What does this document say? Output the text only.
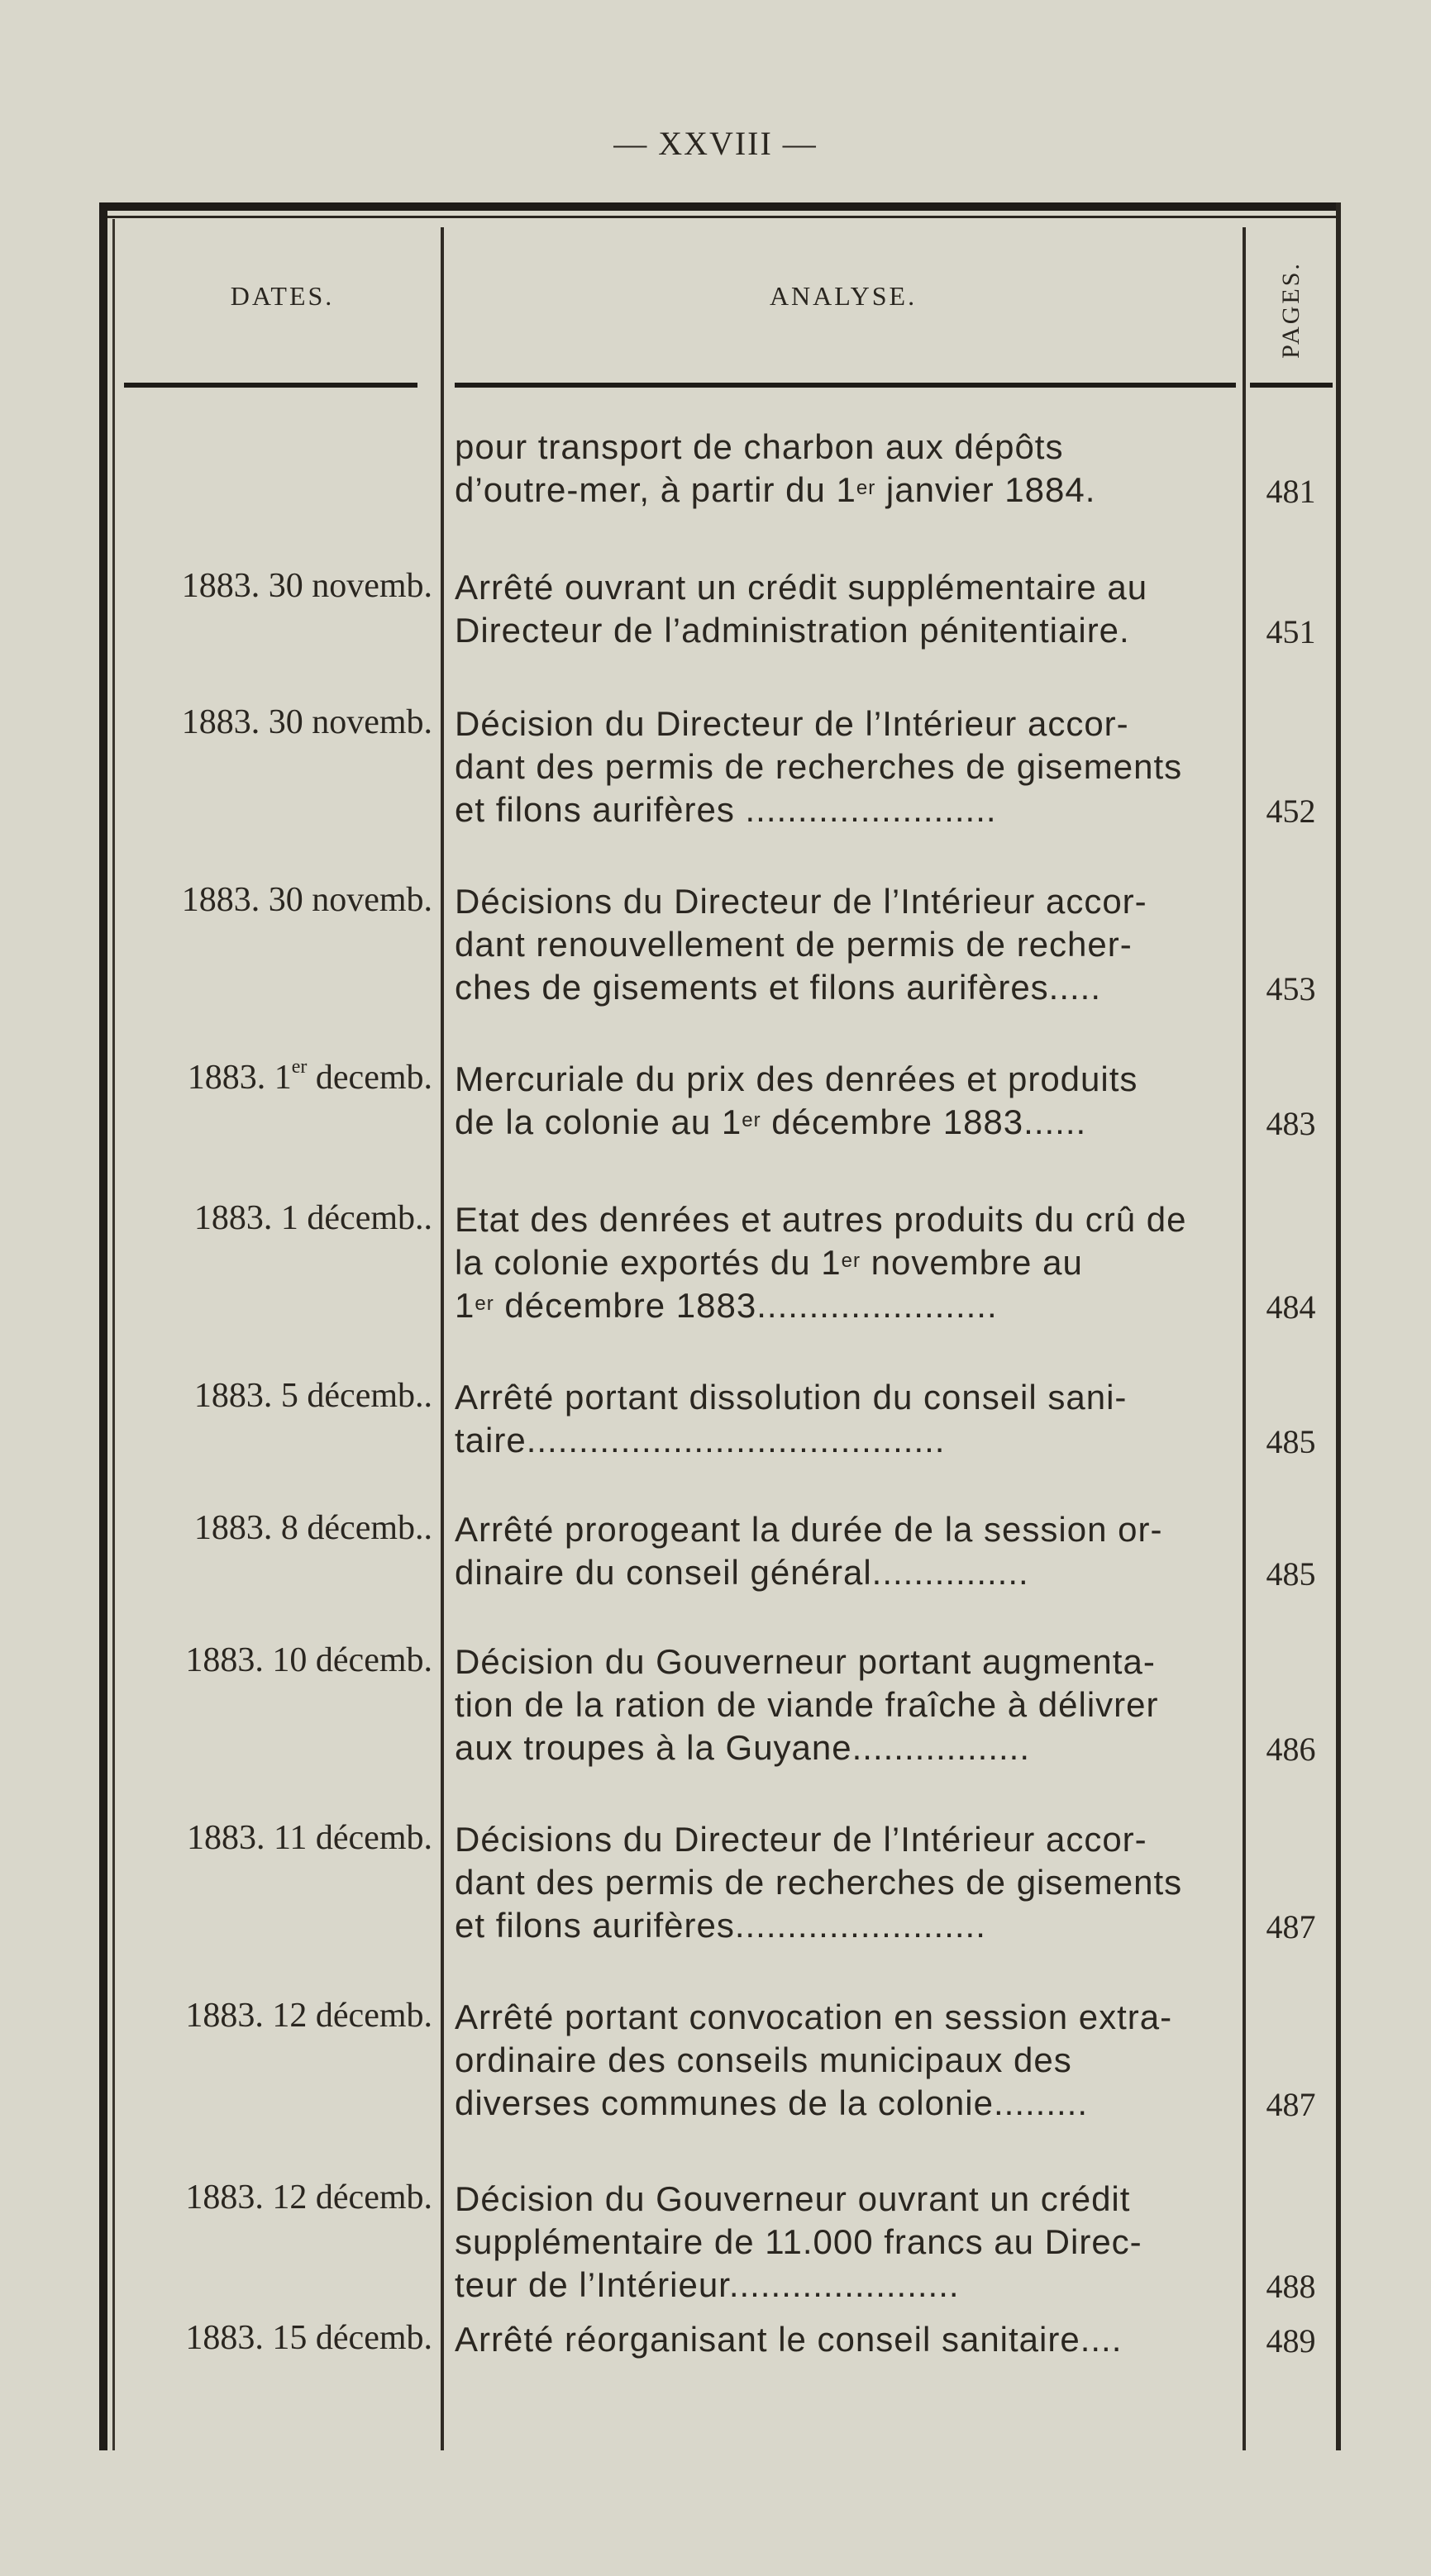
— XXVIII —
DATES.	ANALYSE.	PAGES.
pour transport de charbon aux dépôts
d’outre-mer, à partir du 1er janvier 1884.	481
1883. 30 novemb. Arrêté ouvrant un crédit supplémentaire au
Directeur de l’administration pénitentiaire.	451
1883. 30 novemb. Décision du Directeur de l’Intérieur accor-
dant des permis de recherches de gisements
et filons aurifères ........................	452
1883. 30 novemb. Décisions du Directeur de l’Intérieur accor-
dant renouvellement de permis de recher-
ches de gisements et filons aurifères.....	453
1883. 1er decemb. Mercuriale du prix des denrées et produits
de la colonie au 1er décembre 1883......	483
1883. 1 décemb.. Etat des denrées et autres produits du crû de
la colonie exportés du 1er novembre au
1er décembre 1883.......................	484
1883. 5 décemb.. Arrêté portant dissolution du conseil sani-
taire........................................	485
1883. 8 décemb.. Arrêté prorogeant la durée de la session or-
dinaire du conseil général...............	485
1883. 10 décemb. Décision du Gouverneur portant augmenta-
tion de la ration de viande fraîche à délivrer
aux troupes à la Guyane.................	486
1883. 11 décemb. Décisions du Directeur de l’Intérieur accor-
dant des permis de recherches de gisements
et filons aurifères........................	487
1883. 12 décemb. Arrêté portant convocation en session extra-
ordinaire des conseils municipaux des
diverses communes de la colonie.........	487
1883. 12 décemb. Décision du Gouverneur ouvrant un crédit
supplémentaire de 11.000 francs au Direc-
teur de l’Intérieur......................	488
1883. 15 décemb. Arrêté réorganisant le conseil sanitaire....	489
